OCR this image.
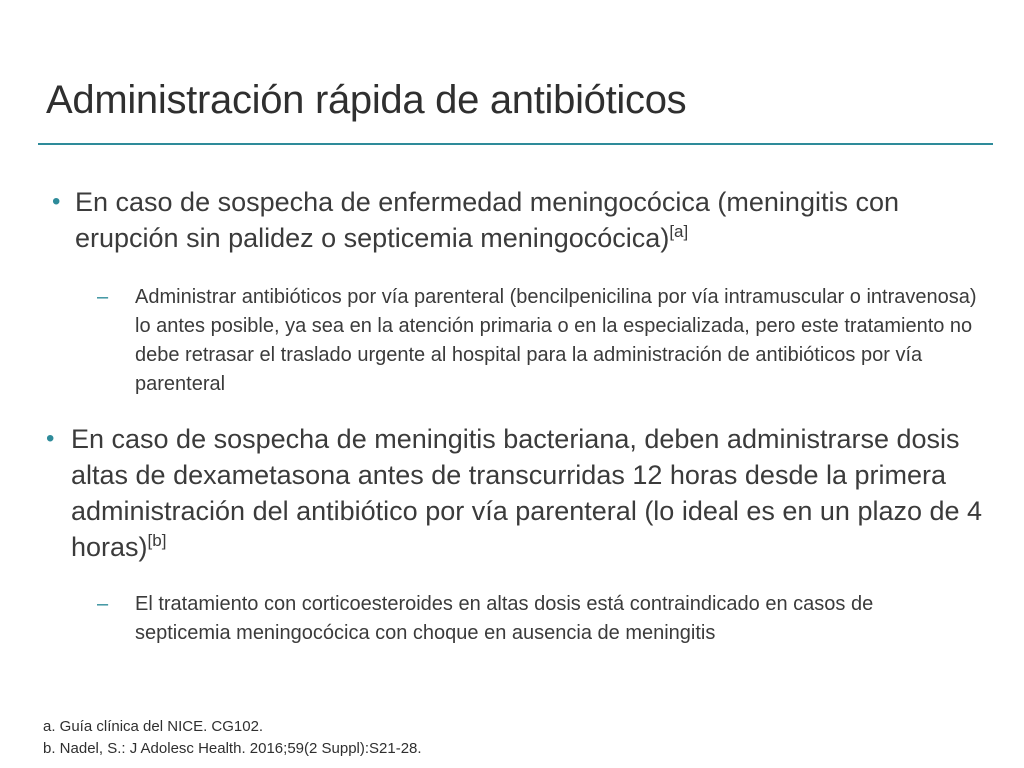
Administración rápida de antibióticos
• En caso de sospecha de enfermedad meningocócica (meningitis con erupción sin palidez o septicemia meningocócica)[a]
– Administrar antibióticos por vía parenteral (bencilpenicilina por vía intramuscular o intravenosa) lo antes posible, ya sea en la atención primaria o en la especializada, pero este tratamiento no debe retrasar el traslado urgente al hospital para la administración de antibióticos por vía parenteral
• En caso de sospecha de meningitis bacteriana, deben administrarse dosis altas de dexametasona antes de transcurridas 12 horas desde la primera administración del antibiótico por vía parenteral (lo ideal es en un plazo de 4 horas)[b]
– El tratamiento con corticoesteroides en altas dosis está contraindicado en casos de septicemia meningocócica con choque en ausencia de meningitis
a. Guía clínica del NICE. CG102.
b. Nadel, S.: J Adolesc Health. 2016;59(2 Suppl):S21-28.
